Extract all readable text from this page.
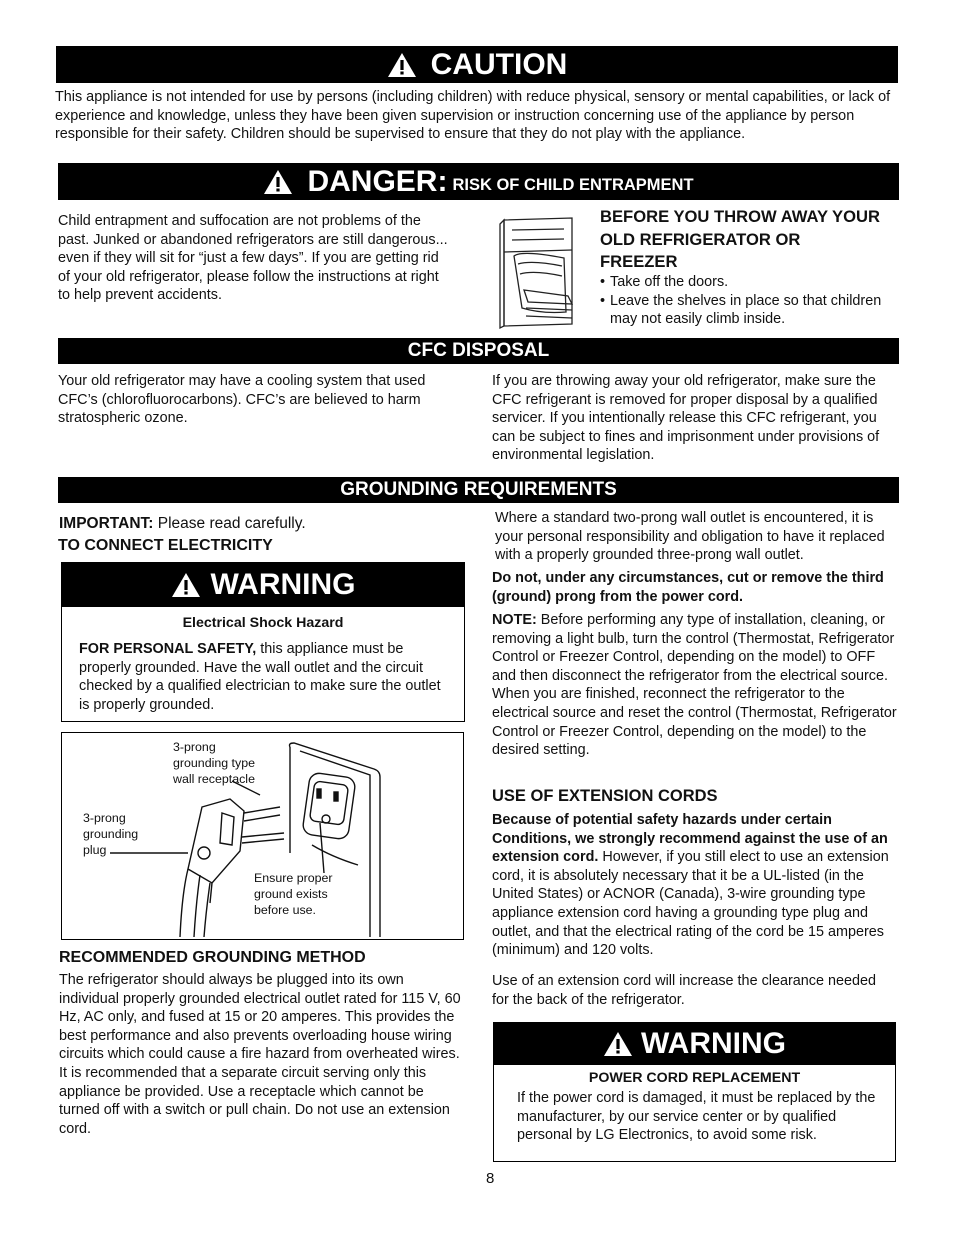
CAUTION
This appliance is not intended for use by persons (including children) with reduce physical, sensory or mental capabilities, or lack of experience and knowledge, unless they have been given supervision or instruction concerning use of the appliance by person responsible for their safety. Children should be supervised to ensure that they do not play with the appliance.
DANGER: RISK OF CHILD ENTRAPMENT
Child entrapment and suffocation are not problems of the past. Junked or abandoned refrigerators are still dangerous... even if they will sit for “just a few days”. If you are getting rid of your old refrigerator, please follow the instructions at right to help prevent accidents.
BEFORE YOU THROW AWAY YOUR OLD REFRIGERATOR OR FREEZER
• Take off the doors.
• Leave the shelves in place so that children may not easily climb inside.
CFC DISPOSAL
Your old refrigerator may have a cooling system that used CFC’s (chlorofluorocarbons). CFC’s are believed to harm stratospheric ozone.
If you are throwing away your old refrigerator, make sure the CFC refrigerant is removed for proper disposal by a qualified servicer. If you intentionally release this CFC refrigerant, you can be subject to fines and imprisonment under provisions of environmental legislation.
GROUNDING REQUIREMENTS
IMPORTANT: Please read carefully.
TO CONNECT ELECTRICITY
WARNING
Electrical Shock Hazard
FOR PERSONAL SAFETY, this appliance must be properly grounded. Have the wall outlet and the circuit checked by a qualified electrician to make sure the outlet is properly grounded.
3-prong grounding type wall receptacle
3-prong grounding plug
Ensure proper ground exists before use.
RECOMMENDED GROUNDING METHOD
The refrigerator should always be plugged into its own individual properly grounded electrical outlet rated for 115 V, 60 Hz, AC only, and fused at 15 or 20 amperes. This provides the best performance and also prevents overloading house wiring circuits which could cause a fire hazard from overheated wires. It is recommended that a separate circuit serving only this appliance be provided. Use a receptacle which cannot be turned off with a switch or pull chain. Do not use an extension cord.
Where a standard two-prong wall outlet is encountered, it is your personal responsibility and obligation to have it replaced with a properly grounded three-prong wall outlet.
Do not, under any circumstances, cut or remove the third (ground) prong from the power cord.
NOTE: Before performing any type of installation, cleaning, or removing a light bulb, turn the control (Thermostat, Refrigerator Control or Freezer Control, depending on the model) to OFF and then disconnect the refrigerator from the electrical source. When you are finished, reconnect the refrigerator to the electrical source and reset the control (Thermostat, Refrigerator Control or Freezer Control, depending on the model) to the desired setting.
USE OF EXTENSION CORDS
Because of potential safety hazards under certain Conditions, we strongly recommend against the use of an extension cord. However, if you still elect to use an extension cord, it is absolutely necessary that it be a UL-listed (in the United States) or ACNOR (Canada), 3-wire grounding type appliance extension cord having a grounding type plug and outlet, and that the electrical rating of the cord be 15 amperes (minimum) and 120 volts.
Use of an extension cord will increase the clearance needed for the back of the refrigerator.
WARNING
POWER CORD REPLACEMENT
If the power cord is damaged, it must be replaced by the manufacturer, by our service center or by qualified personal by LG Electronics, to avoid some risk.
8
